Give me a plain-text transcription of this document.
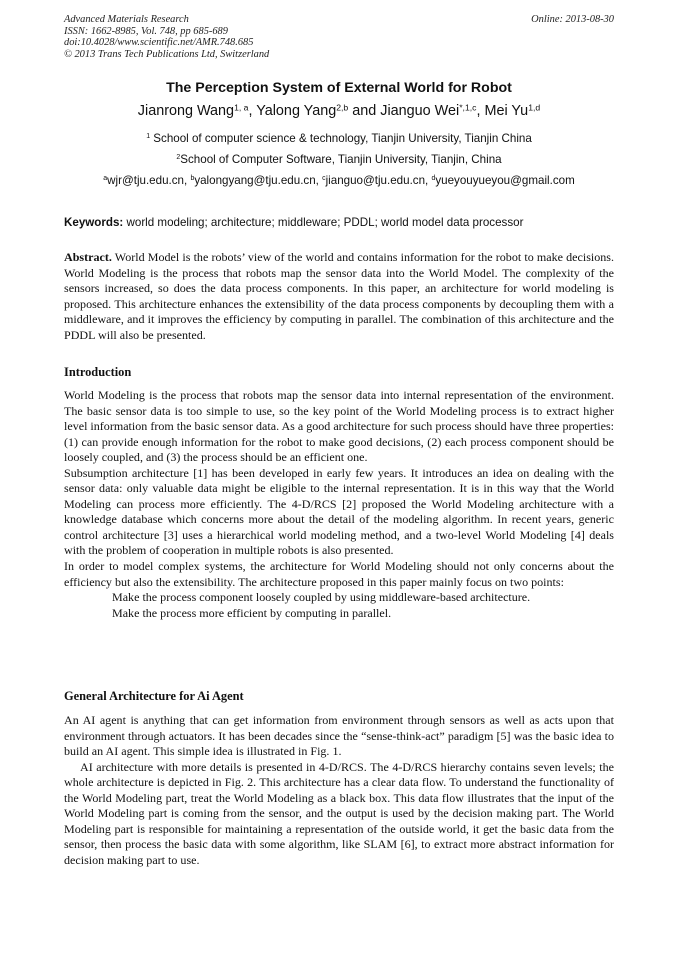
Advanced Materials Research
ISSN: 1662-8985, Vol. 748, pp 685-689
doi:10.4028/www.scientific.net/AMR.748.685
© 2013 Trans Tech Publications Ltd, Switzerland
Online: 2013-08-30
The Perception System of External World for Robot
Jianrong Wang$^{1, a}$, Yalong Yang$^{2,b}$ and Jianguo Wei$^{*,1,c}$, Mei Yu$^{1,d}$
$^1$ School of computer science & technology, Tianjin University, Tianjin China
$^2$School of Computer Software, Tianjin University, Tianjin, China
$^a$wjr@tju.edu.cn, $^b$yalongyang@tju.edu.cn, $^c$jianguo@tju.edu.cn, $^d$yueyouyueyou@gmail.com
Keywords: world modeling; architecture; middleware; PDDL; world model data processor
Abstract. World Model is the robots’ view of the world and contains information for the robot to make decisions. World Modeling is the process that robots map the sensor data into the World Model. The complexity of the sensors increased, so does the data process components. In this paper, an architecture for world modeling is proposed. This architecture enhances the extensibility of the data process components by decoupling them with a middleware, and it improves the efficiency by computing in parallel. The combination of this architecture and the PDDL will also be presented.
Introduction

World Modeling is the process that robots map the sensor data into internal representation of the environment. The basic sensor data is too simple to use, so the key point of the World Modeling process is to extract higher level information from the basic sensor data. As a good architecture for such process should have three properties: (1) can provide enough information for the robot to make good decisions, (2) each process component should be loosely coupled, and (3) the process should be an efficient one.

Subsumption architecture [1] has been developed in early few years. It introduces an idea on dealing with the sensor data: only valuable data might be eligible to the internal representation. It is in this way that the World Modeling can process more efficiently. The 4-D/RCS [2] proposed the World Modeling architecture with a knowledge database which concerns more about the detail of the modeling algorithm. In recent years, generic control architecture [3] uses a hierarchical world modeling method, and a two-level World Modeling [4] deals with the problem of cooperation in multiple robots is also presented.

In order to model complex systems, the architecture for World Modeling should not only concerns about the efficiency but also the extensibility. The architecture proposed in this paper mainly focus on two points:

Make the process component loosely coupled by using middleware-based architecture.

Make the process more efficient by computing in parallel.

General Architecture for Ai Agent

An AI agent is anything that can get information from environment through sensors as well as acts upon that environment through actuators. It has been decades since the “sense-think-act” paradigm [5] was the basic idea to build an AI agent. This simple idea is illustrated in Fig. 1.

AI architecture with more details is presented in 4-D/RCS. The 4-D/RCS hierarchy contains seven levels; the whole architecture is depicted in Fig. 2. This architecture has a clear data flow. To understand the functionality of the World Modeling part, treat the World Modeling as a black box. This data flow illustrates that the input of the World Modeling part is coming from the sensor, and the output is used by the decision making part. The World Modeling part is responsible for maintaining a representation of the outside world, it get the basic data from the sensor, then process the basic data with some algorithm, like SLAM [6], to extract more abstract information for decision making part to use.
